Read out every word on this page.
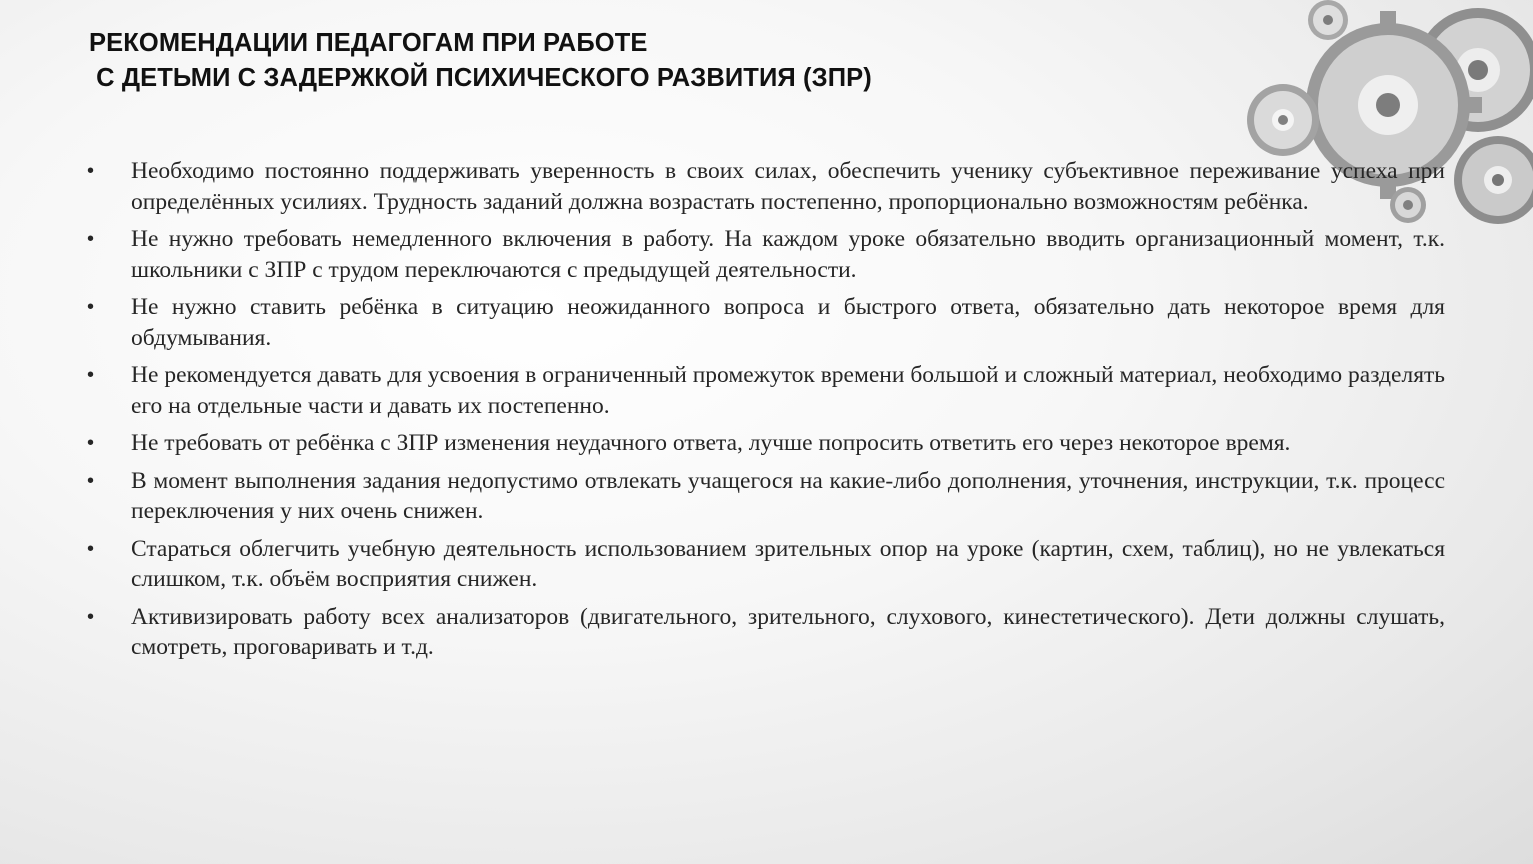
РЕКОМЕНДАЦИИ ПЕДАГОГАМ ПРИ РАБОТЕ
С ДЕТЬМИ С ЗАДЕРЖКОЙ ПСИХИЧЕСКОГО РАЗВИТИЯ (ЗПР)
• Необходимо постоянно поддерживать уверенность в своих силах, обеспечить ученику субъективное переживание успеха при определённых усилиях. Трудность заданий должна возрастать постепенно, пропорционально возможностям ребёнка.
• Не нужно требовать немедленного включения в работу. На каждом уроке обязательно вводить организационный момент, т.к. школьники с ЗПР с трудом переключаются с предыдущей деятельности.
• Не нужно ставить ребёнка в ситуацию неожиданного вопроса и быстрого ответа, обязательно дать некоторое время для обдумывания.
• Не рекомендуется давать для усвоения в ограниченный промежуток времени большой и сложный материал, необходимо разделять его на отдельные части и давать их постепенно.
• Не требовать от ребёнка с ЗПР изменения неудачного ответа, лучше попросить ответить его через некоторое время.
• В момент выполнения задания недопустимо отвлекать учащегося на какие-либо дополнения, уточнения, инструкции, т.к. процесс переключения у них очень снижен.
• Стараться облегчить учебную деятельность использованием зрительных опор на уроке (картин, схем, таблиц), но не увлекаться слишком, т.к. объём восприятия снижен.
• Активизировать работу всех анализаторов (двигательного, зрительного, слухового, кинестетического). Дети должны слушать, смотреть, проговаривать и т.д.
